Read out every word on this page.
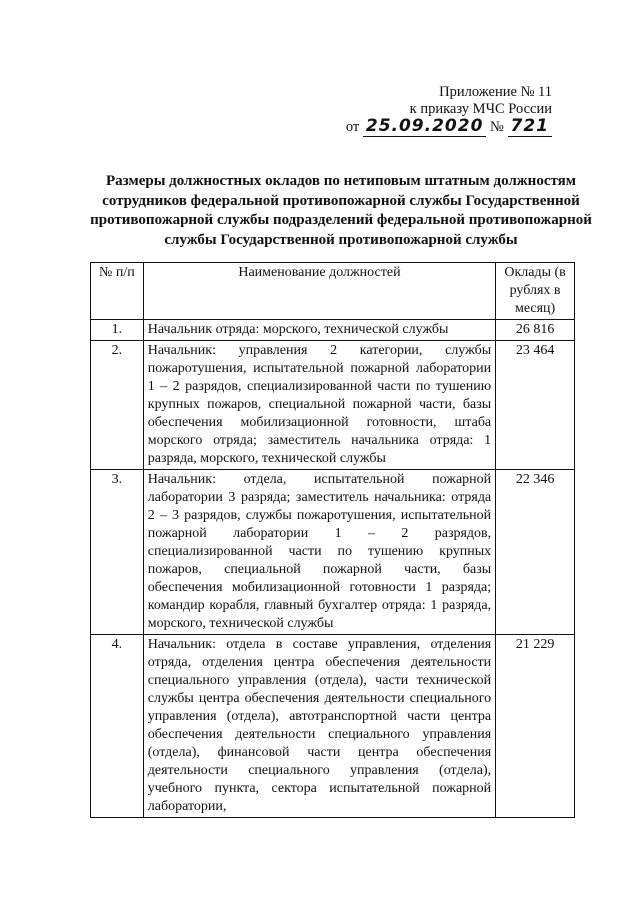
Приложение № 11
к приказу МЧС России
от 25.09.2020 № 721
Размеры должностных окладов по нетиповым штатным должностям сотрудников федеральной противопожарной службы Государственной противопожарной службы подразделений федеральной противопожарной службы Государственной противопожарной службы
№ п/п	Наименование должностей	Оклады (в рублях в месяц)
1.	Начальник отряда: морского, технической службы	26 816
2.	Начальник: управления 2 категории, службы пожаротушения, испытательной пожарной лаборатории 1 – 2 разрядов, специализированной части по тушению крупных пожаров, специальной пожарной части, базы обеспечения мобилизационной готовности, штаба морского отряда; заместитель начальника отряда: 1 разряда, морского, технической службы	23 464
3.	Начальник: отдела, испытательной пожарной лаборатории 3 разряда; заместитель начальника: отряда 2 – 3 разрядов, службы пожаротушения, испытательной пожарной лаборатории 1 – 2 разрядов, специализированной части по тушению крупных пожаров, специальной пожарной части, базы обеспечения мобилизационной готовности 1 разряда; командир корабля, главный бухгалтер отряда: 1 разряда, морского, технической службы	22 346
4.	Начальник: отдела в составе управления, отделения отряда, отделения центра обеспечения деятельности специального управления (отдела), части технической службы центра обеспечения деятельности специального управления (отдела), автотранспортной части центра обеспечения деятельности специального управления (отдела), финансовой части центра обеспечения деятельности специального управления (отдела), учебного пункта, сектора испытательной пожарной лаборатории,	21 229
